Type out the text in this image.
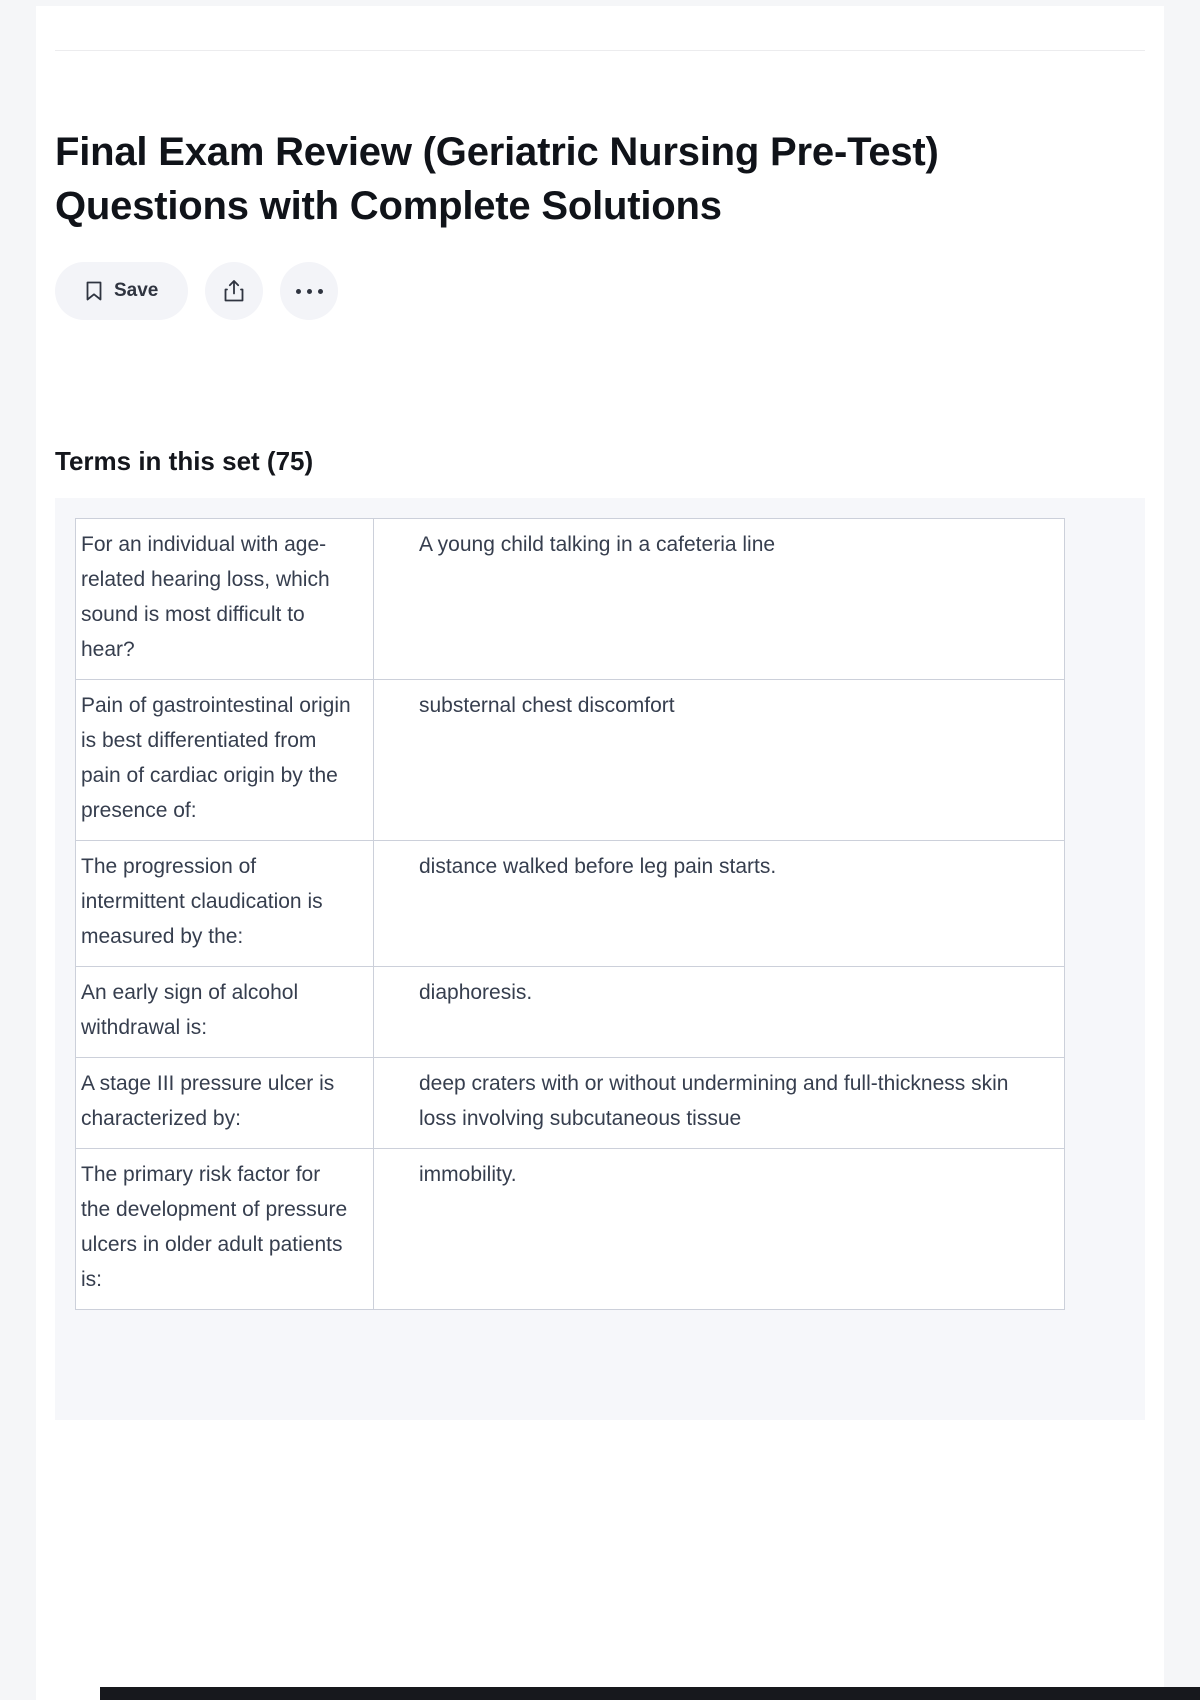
Final Exam Review (Geriatric Nursing Pre-Test) Questions with Complete Solutions
Save
Terms in this set (75)
For an individual with age-related hearing loss, which sound is most difficult to hear?
A young child talking in a cafeteria line
Pain of gastrointestinal origin is best differentiated from pain of cardiac origin by the presence of:
substernal chest discomfort
The progression of intermittent claudication is measured by the:
distance walked before leg pain starts.
An early sign of alcohol withdrawal is:
diaphoresis.
A stage III pressure ulcer is characterized by:
deep craters with or without undermining and full-thickness skin loss involving subcutaneous tissue
The primary risk factor for the development of pressure ulcers in older adult patients is:
immobility.
